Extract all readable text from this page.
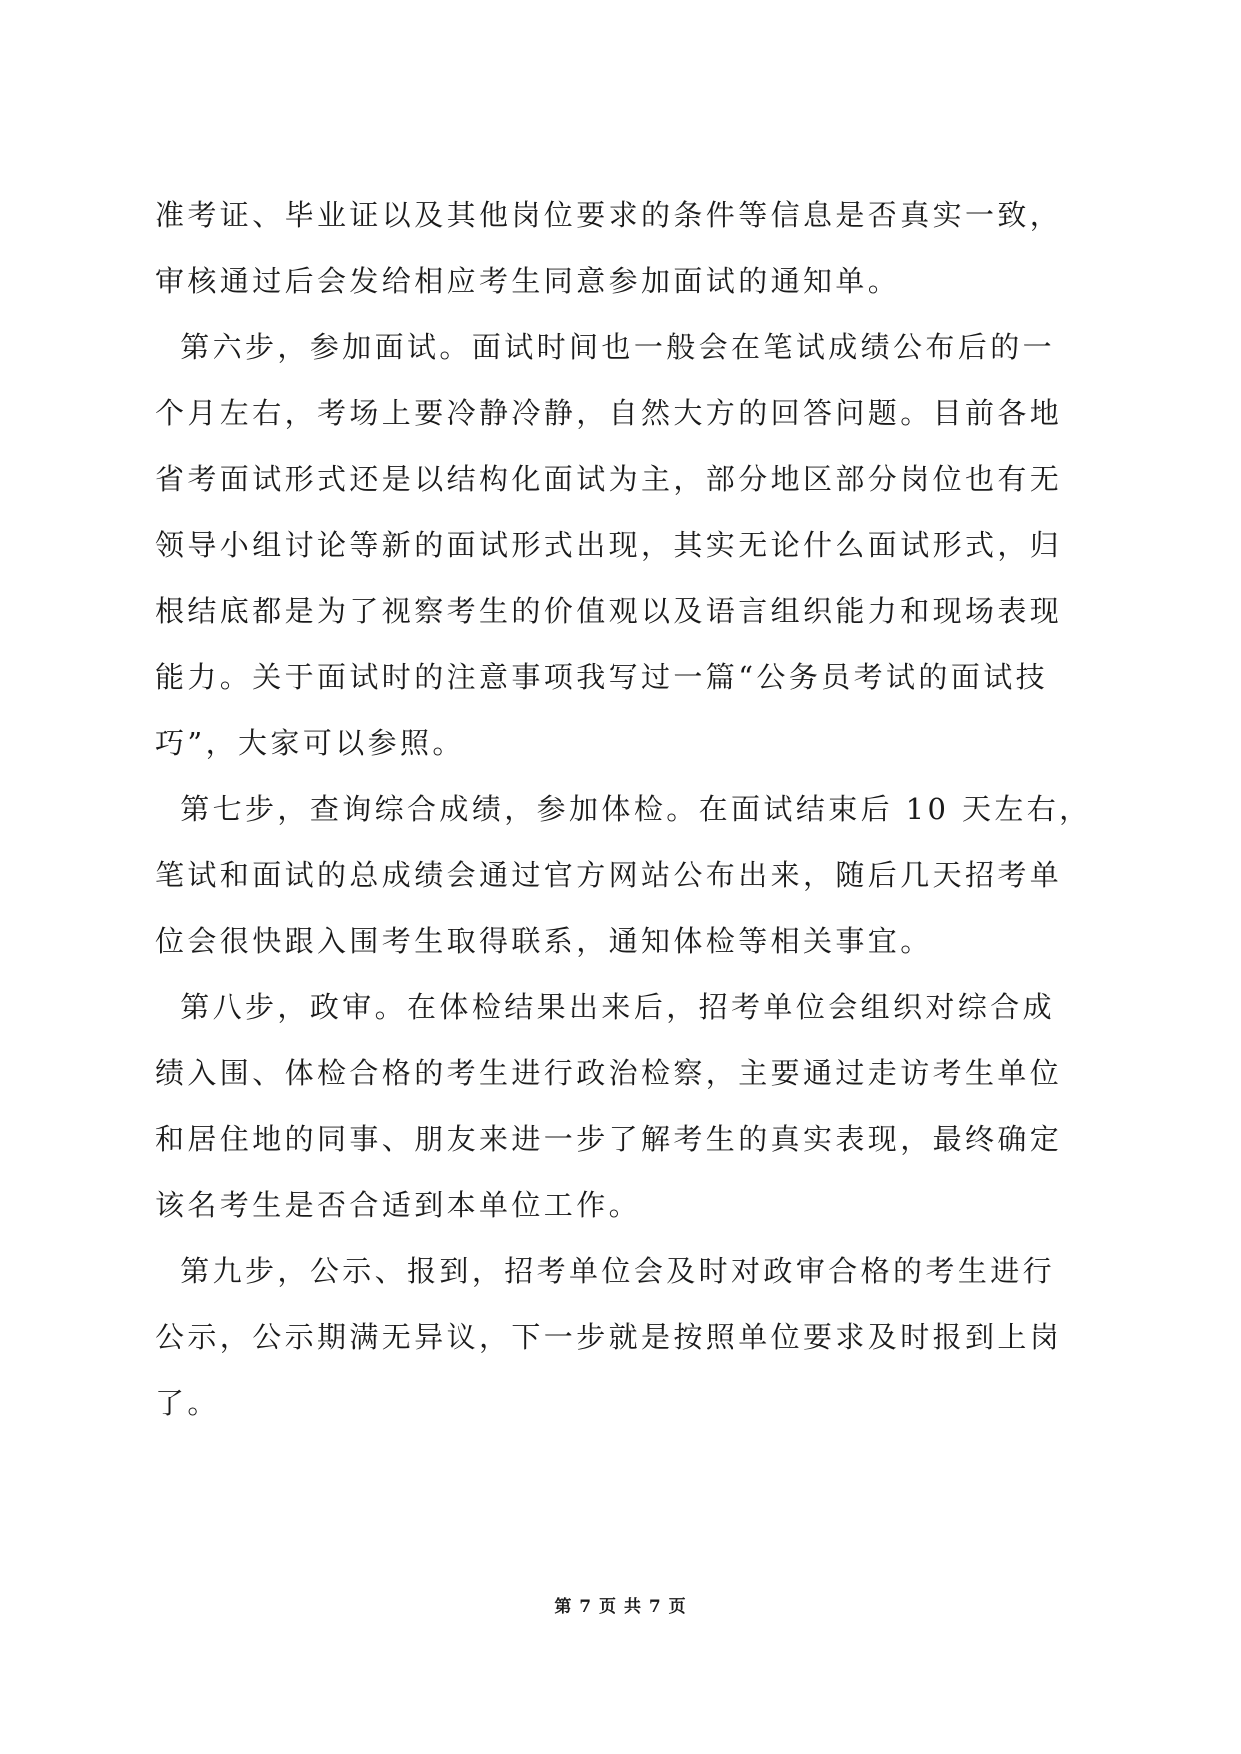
准考证、毕业证以及其他岗位要求的条件等信息是否真实一致，
审核通过后会发给相应考生同意参加面试的通知单。
第六步，参加面试。面试时间也一般会在笔试成绩公布后的一
个月左右，考场上要冷静冷静，自然大方的回答问题。目前各地
省考面试形式还是以结构化面试为主，部分地区部分岗位也有无
领导小组讨论等新的面试形式出现，其实无论什么面试形式，归
根结底都是为了视察考生的价值观以及语言组织能力和现场表现
能力。关于面试时的注意事项我写过一篇“公务员考试的面试技
巧”，大家可以参照。
第七步，查询综合成绩，参加体检。在面试结束后 10 天左右，
笔试和面试的总成绩会通过官方网站公布出来，随后几天招考单
位会很快跟入围考生取得联系，通知体检等相关事宜。
第八步，政审。在体检结果出来后，招考单位会组织对综合成
绩入围、体检合格的考生进行政治检察，主要通过走访考生单位
和居住地的同事、朋友来进一步了解考生的真实表现，最终确定
该名考生是否合适到本单位工作。
第九步，公示、报到，招考单位会及时对政审合格的考生进行
公示，公示期满无异议，下一步就是按照单位要求及时报到上岗
了。
第 7 页 共 7 页
